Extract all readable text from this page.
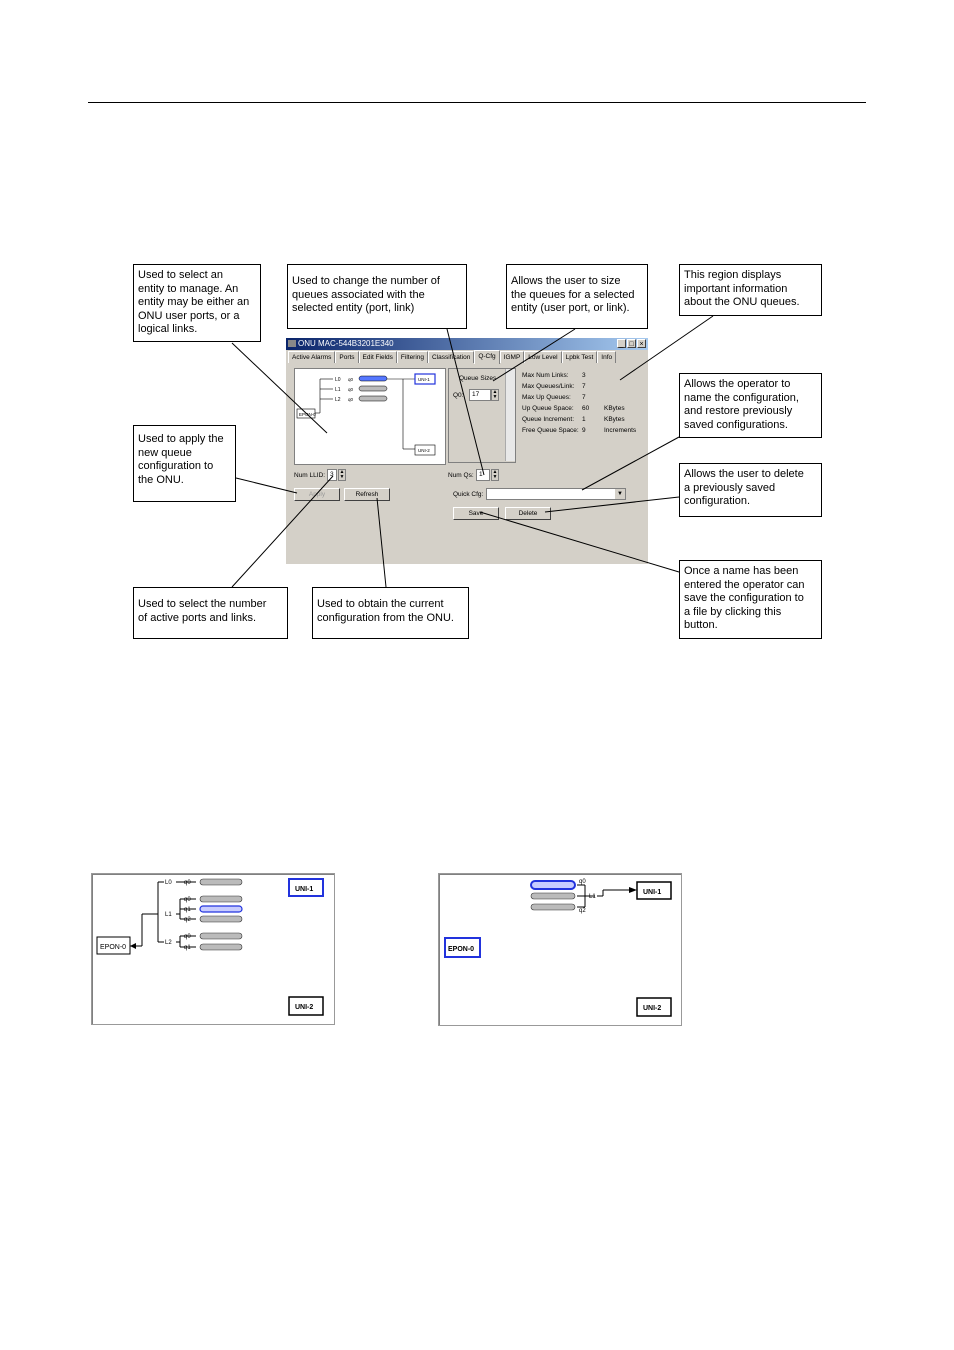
Used to select an
entity to manage. An
entity may be either an
ONU user ports, or a
logical links.
Used to change the number of
queues associated with the
selected entity (port, link)
Allows the user to size
the queues for a selected
entity (user port, or link).
This region displays
important information
about the ONU queues.
Used to apply the
new queue
configuration to
the ONU.
Allows the operator to
name the configuration,
and restore previously
saved configurations.
Allows the user to delete
a previously saved
configuration.
Once a name has been
entered the operator can
save the configuration to
a file by clicking this
button.
Used to select the number
of active ports and links.
Used to obtain the current
configuration from the ONU.
ONU MAC-544B3201E340	_ □ ×
Active Alarms	Ports	Edit Fields	Filtering	Classification	Q-Cfg	IGMP	Low Level	Lpbk Test	Info
L0
L1
L2
q0
q0
q0
EPON-0
UNI-1
UNI-2
Queue Sizes
Q0:	17	▲
▼
Max Num Links: 3
Max Queues/Link: 7
Max Up Queues: 7
Up Queue Space: 60 KBytes
Queue Increment: 1	KBytes
Free Queue Space: 9	Increments
Num LLID: 3	▲
▼	Num Qs: 1	▲
▼
Quick Cfg:	▼
Apply	Refresh
Save	Delete
L0
L1
L2
q0
q0
q1
q2
q0
q1
EPON-0
UNI-1
UNI-2
q0
L1
q2
UNI-1
EPON-0
UNI-2
